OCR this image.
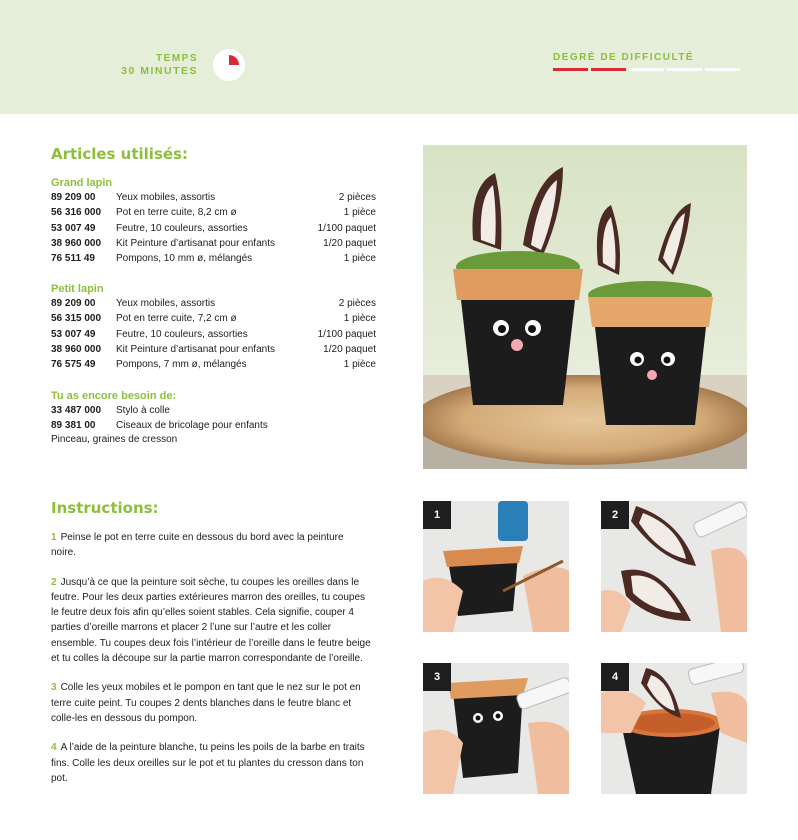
TEMPS
30 MINUTES
DEGRÉ DE DIFFICULTÉ
Articles utilisés:
Grand lapin
89 209 00 Yeux mobiles, assortis	2 pièces
56 316 000 Pot en terre cuite, 8,2 cm ø	1 pièce
53 007 49 Feutre, 10 couleurs, assorties	1/100 paquet
38 960 000 Kit Peinture d’artisanat pour enfants	1/20 paquet
76 511 49 Pompons, 10 mm ø, mélangés	1 pièce
Petit lapin
89 209 00 Yeux mobiles, assortis	2 pièces
56 315 000 Pot en terre cuite, 7,2 cm ø	1 pièce
53 007 49 Feutre, 10 couleurs, assorties	1/100 paquet
38 960 000 Kit Peinture d’artisanat pour enfants	1/20 paquet
76 575 49 Pompons, 7 mm ø, mélangés	1 pièce
Tu as encore besoin de:
33 487 000 Stylo à colle
89 381 00 Ciseaux de bricolage pour enfants
Pinceau, graines de cresson
Instructions:
1 Peinse le pot en terre cuite en dessous du bord avec la peinture noire.
2 Jusqu’à ce que la peinture soit sèche, tu coupes les oreilles dans le feutre. Pour les deux parties extérieures marron des oreilles, tu coupes le feutre deux fois afin qu’elles soient stables. Cela signifie, couper 4 parties d’oreille marrons et placer 2 l’une sur l’autre et les coller ensemble. Tu coupes deux fois l’intérieur de l’oreille dans le feutre beige et tu colles la découpe sur la partie marron correspondante de l’oreille.
3 Colle les yeux mobiles et le pompon en tant que le nez sur le pot en terre cuite peint. Tu coupes 2 dents blanches dans le feutre blanc et colle-les en dessous du pompon.
4 A l’aide de la peinture blanche, tu peins les poils de la barbe en traits fins. Colle les deux oreilles sur le pot et tu plantes du cresson dans ton pot.
1	2
3	4
